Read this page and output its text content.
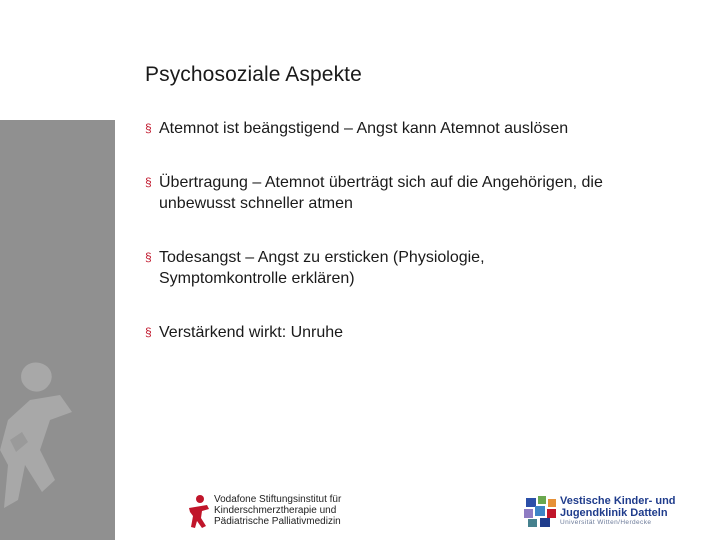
Psychosoziale Aspekte
§ Atemnot ist beängstigend – Angst kann Atemnot auslösen
§ Übertragung – Atemnot überträgt sich auf die Angehörigen, die
unbewusst schneller atmen
§ Todesangst – Angst zu ersticken (Physiologie,
Symptomkontrolle erklären)
§ Verstärkend wirkt: Unruhe
Vodafone Stiftungsinstitut für
Kinderschmerztherapie und
Pädiatrische Palliativmedizin
Vestische Kinder- und
Jugendklinik Datteln
Universität Witten/Herdecke
